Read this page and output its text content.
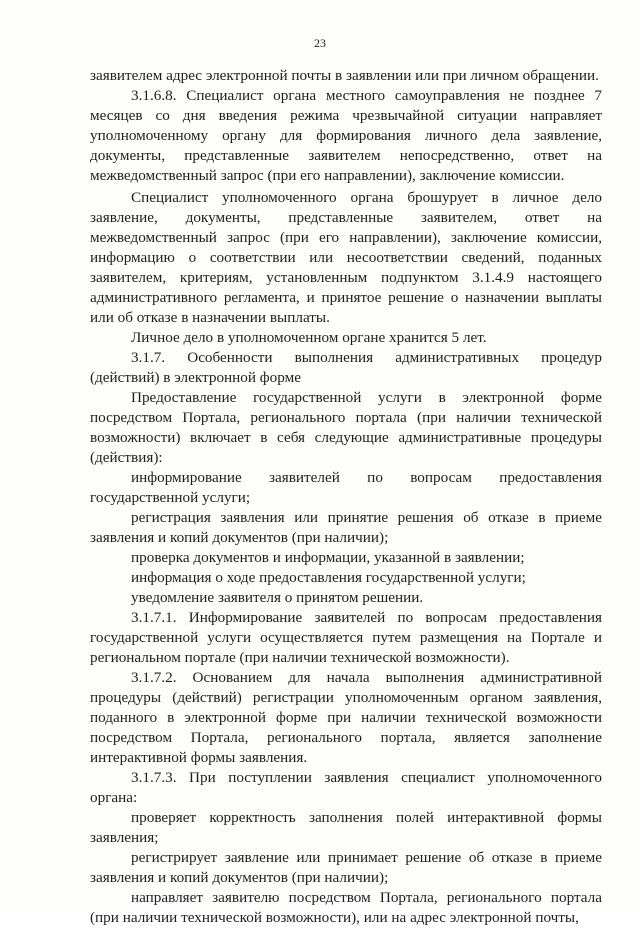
23

заявителем адрес электронной почты в заявлении или при личном обращении.

3.1.6.8. Специалист органа местного самоуправления не позднее 7 месяцев со дня введения режима чрезвычайной ситуации направляет уполномоченному органу для формирования личного дела заявление, документы, представленные заявителем непосредственно, ответ на межведомственный запрос (при его направлении), заключение комиссии.

Специалист уполномоченного органа брошурует в личное дело заявление, документы, представленные заявителем, ответ на межведомственный запрос (при его направлении), заключение комиссии, информацию о соответствии или несоответствии сведений, поданных заявителем, критериям, установленным подпунктом 3.1.4.9 настоящего административного регламента, и принятое решение о назначении выплаты или об отказе в назначении выплаты.

Личное дело в уполномоченном органе хранится 5 лет.

3.1.7. Особенности выполнения административных процедур (действий) в электронной форме

Предоставление государственной услуги в электронной форме посредством Портала, регионального портала (при наличии технической возможности) включает в себя следующие административные процедуры (действия):

информирование заявителей по вопросам предоставления государственной услуги;

регистрация заявления или принятие решения об отказе в приеме заявления и копий документов (при наличии);

проверка документов и информации, указанной в заявлении;

информация о ходе предоставления государственной услуги;

уведомление заявителя о принятом решении.

3.1.7.1. Информирование заявителей по вопросам предоставления государственной услуги осуществляется путем размещения на Портале и региональном портале (при наличии технической возможности).

3.1.7.2. Основанием для начала выполнения административной процедуры (действий) регистрации уполномоченным органом заявления, поданного в электронной форме при наличии технической возможности посредством Портала, регионального портала, является заполнение интерактивной формы заявления.

3.1.7.3. При поступлении заявления специалист уполномоченного органа:

проверяет корректность заполнения полей интерактивной формы заявления;

регистрирует заявление или принимает решение об отказе в приеме заявления и копий документов (при наличии);

направляет заявителю посредством Портала, регионального портала (при наличии технической возможности), или на адрес электронной почты,
